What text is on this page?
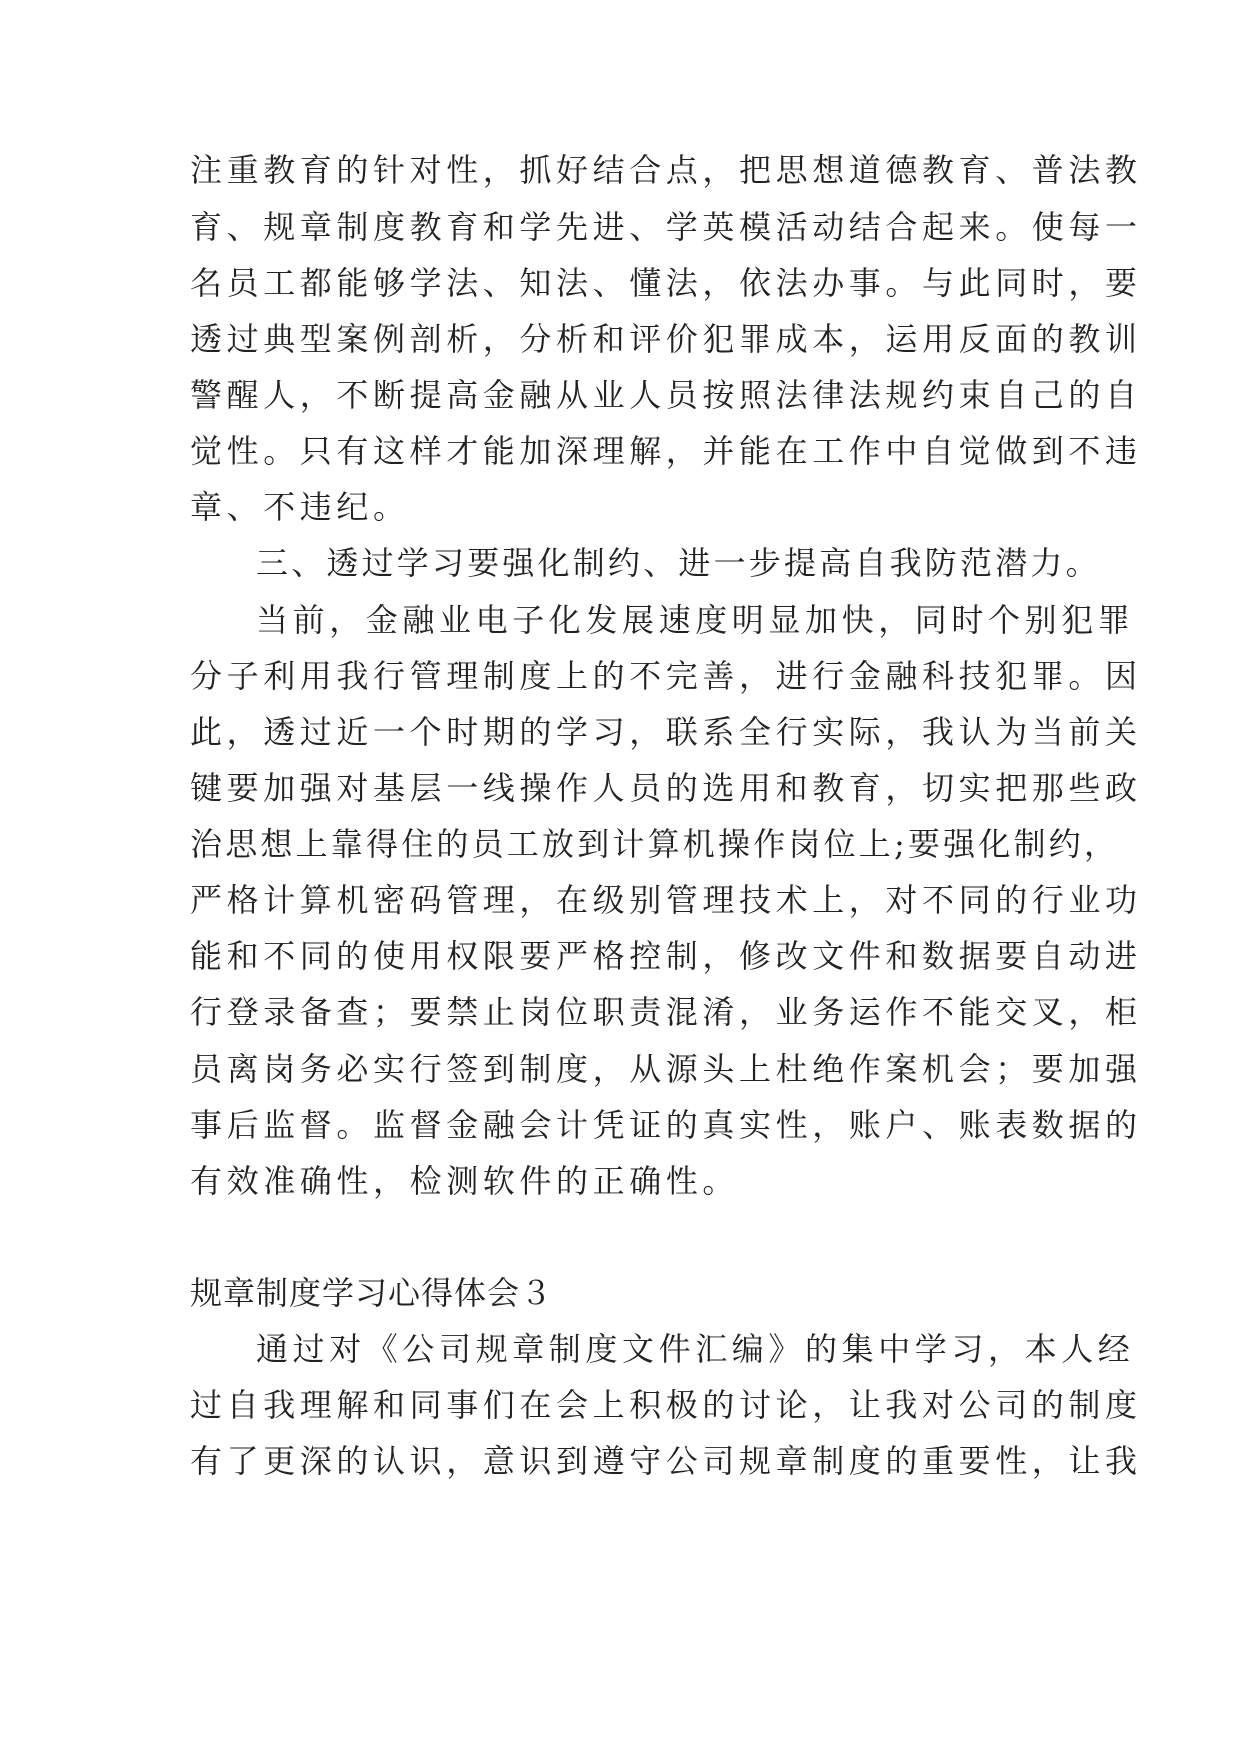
注重教育的针对性，抓好结合点，把思想道德教育、普法教
育、规章制度教育和学先进、学英模活动结合起来。使每一
名员工都能够学法、知法、懂法，依法办事。与此同时，要
透过典型案例剖析，分析和评价犯罪成本，运用反面的教训
警醒人，不断提高金融从业人员按照法律法规约束自己的自
觉性。只有这样才能加深理解，并能在工作中自觉做到不违
章、不违纪。
三、透过学习要强化制约、进一步提高自我防范潜力。
当前，金融业电子化发展速度明显加快，同时个别犯罪
分子利用我行管理制度上的不完善，进行金融科技犯罪。因
此，透过近一个时期的学习，联系全行实际，我认为当前关
键要加强对基层一线操作人员的选用和教育，切实把那些政
治思想上靠得住的员工放到计算机操作岗位上;要强化制约，
严格计算机密码管理，在级别管理技术上，对不同的行业功
能和不同的使用权限要严格控制，修改文件和数据要自动进
行登录备查；要禁止岗位职责混淆，业务运作不能交叉，柜
员离岗务必实行签到制度，从源头上杜绝作案机会；要加强
事后监督。监督金融会计凭证的真实性，账户、账表数据的
有效准确性，检测软件的正确性。
规章制度学习心得体会３
通过对《公司规章制度文件汇编》的集中学习，本人经
过自我理解和同事们在会上积极的讨论，让我对公司的制度
有了更深的认识，意识到遵守公司规章制度的重要性，让我
